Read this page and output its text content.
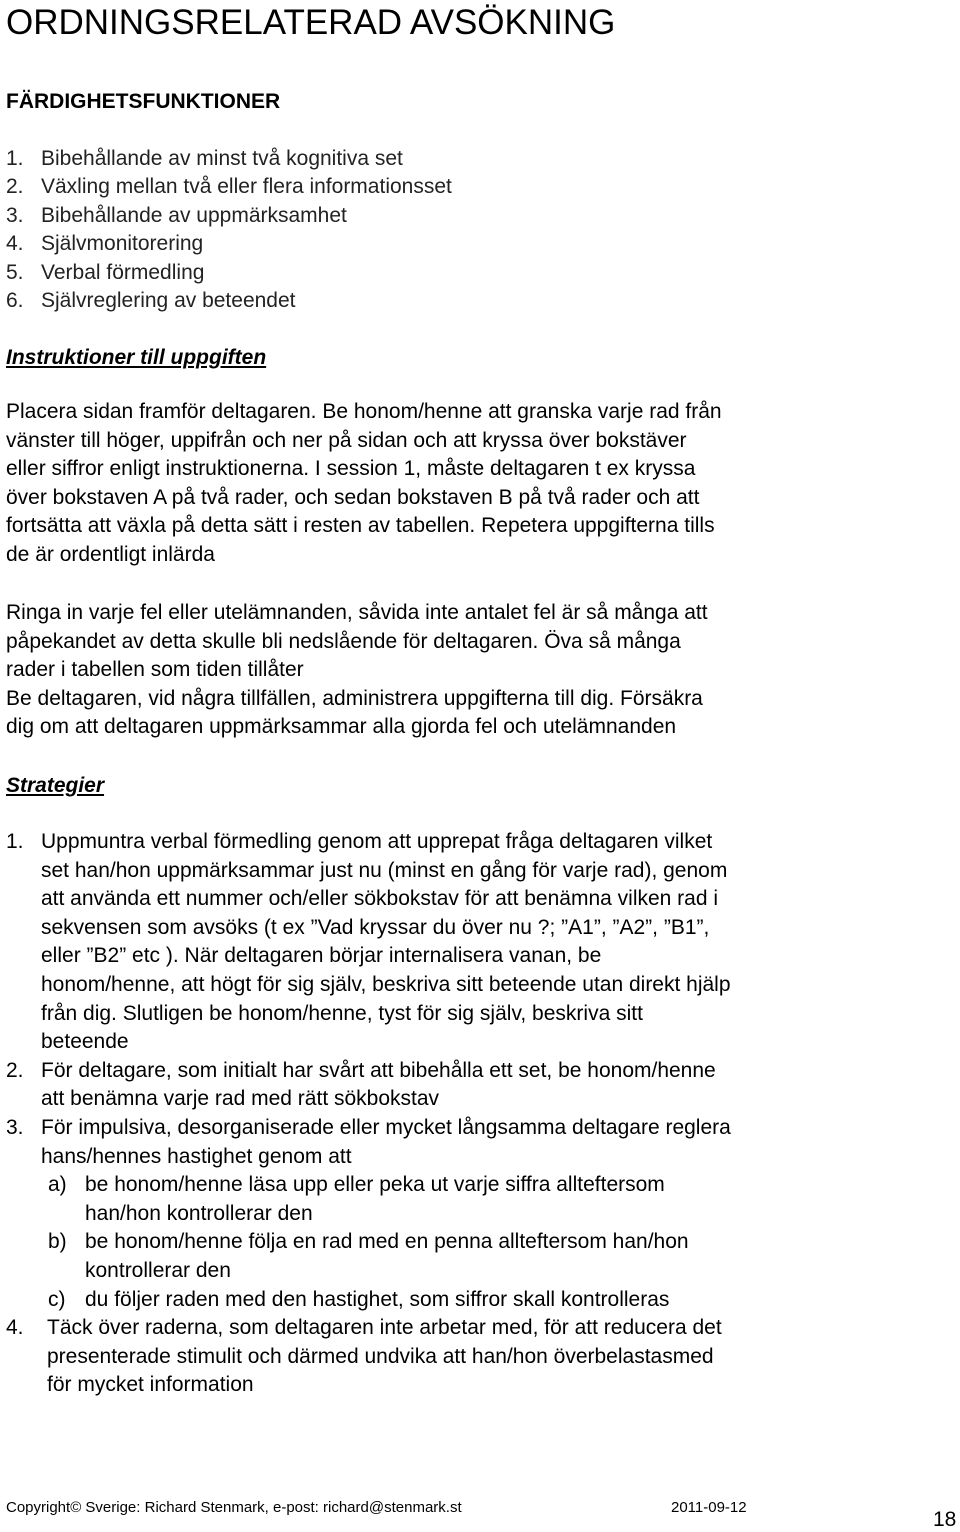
ORDNINGSRELATERAD AVSÖKNING
FÄRDIGHETSFUNKTIONER
1. Bibehållande av minst två kognitiva set
2. Växling mellan två eller flera informationsset
3. Bibehållande av uppmärksamhet
4. Självmonitorering
5. Verbal förmedling
6. Självreglering av beteendet
Instruktioner till uppgiften
Placera sidan framför deltagaren. Be honom/henne att granska varje rad från
vänster till höger, uppifrån och ner på sidan och att kryssa över bokstäver
eller siffror enligt instruktionerna. I session 1, måste deltagaren t ex kryssa
över bokstaven A på två rader, och sedan bokstaven B på två rader och att
fortsätta att växla på detta sätt i resten av tabellen. Repetera uppgifterna tills
de är ordentligt inlärda
Ringa in varje fel eller utelämnanden, såvida inte antalet fel är så många att
påpekandet av detta skulle bli nedslående för deltagaren. Öva så många
rader i tabellen som tiden tillåter
Be deltagaren, vid några tillfällen, administrera uppgifterna till dig. Försäkra
dig om att deltagaren uppmärksammar alla gjorda fel och utelämnanden
Strategier
1. Uppmuntra verbal förmedling genom att upprepat fråga deltagaren vilket
set han/hon uppmärksammar just nu (minst en gång för varje rad), genom
att använda ett nummer och/eller sökbokstav för att benämna vilken rad i
sekvensen som avsöks (t ex ”Vad kryssar du över nu ?; ”A1”, ”A2”, ”B1”,
eller ”B2” etc ). När deltagaren börjar internalisera vanan, be
honom/henne, att högt för sig själv, beskriva sitt beteende utan direkt hjälp
från dig. Slutligen be honom/henne, tyst för sig själv, beskriva sitt
beteende
2. För deltagare, som initialt har svårt att bibehålla ett set, be honom/henne
att benämna varje rad med rätt sökbokstav
3. För impulsiva, desorganiserade eller mycket långsamma deltagare reglera
hans/hennes hastighet genom att
a) be honom/henne läsa upp eller peka ut varje siffra allteftersom
han/hon kontrollerar den
b) be honom/henne följa en rad med en penna allteftersom han/hon
kontrollerar den
c) du följer raden med den hastighet, som siffror skall kontrolleras
4. Täck över raderna, som deltagaren inte arbetar med, för att reducera det
presenterade stimulit och därmed undvika att han/hon överbelastasmed
för mycket information
Copyright© Sverige: Richard Stenmark, e-post: richard@stenmark.st	2011-09-12
18
